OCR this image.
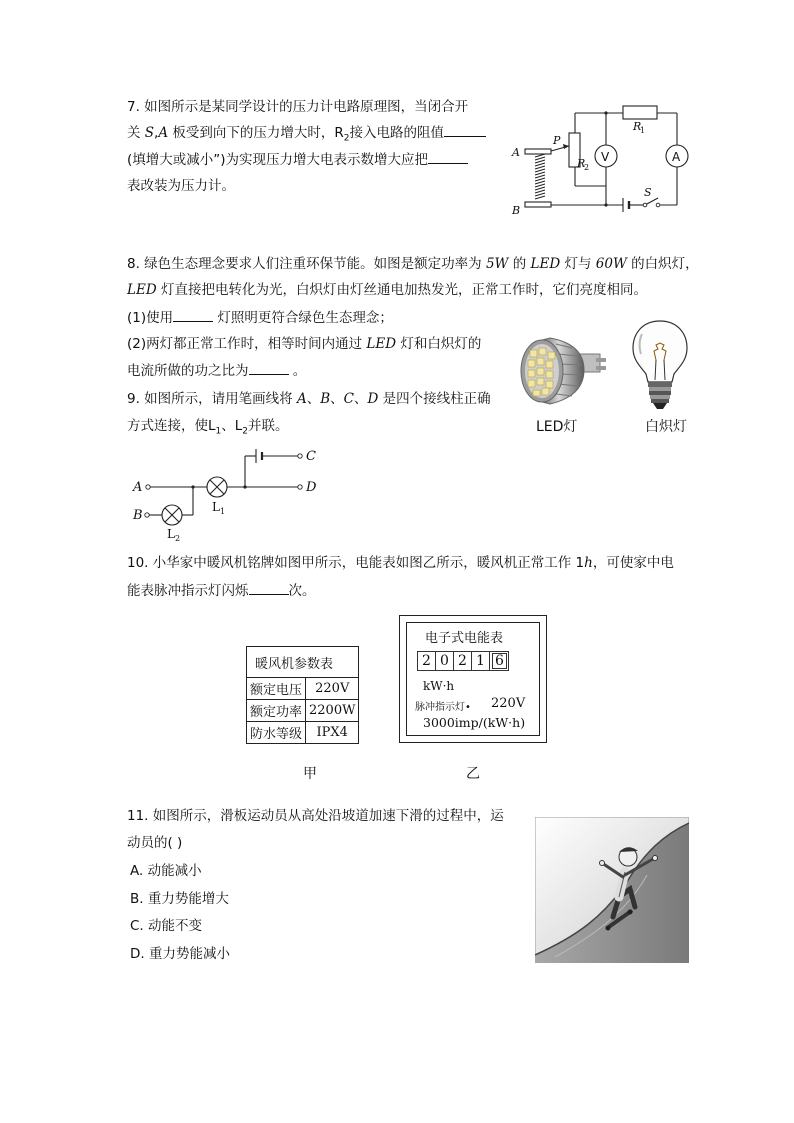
7. 如图所示是某同学设计的压力计电路原理图，当闭合开
关 S,A 板受到向下的压力增大时，$R_2$接入电路的阻值
(填增大或减小”)为实现压力增大电表示数增大应把
表改装为压力计。
A
B
P
R
1
R
2
S
V	A
8. 绿色生态理念要求人们注重环保节能。如图是额定功率为 5W 的 LED 灯与 60W 的白炽灯，
LED 灯直接把电转化为光，白炽灯由灯丝通电加热发光，正常工作时，它们亮度相同。
(1)使用	灯照明更符合绿色生态理念；
(2)两灯都正常工作时，相等时间内通过 LED 灯和白炽灯的
电流所做的功之比为	。
LED灯	白炽灯
9. 如图所示，请用笔画线将 A、B、C、D 是四个接线柱正确
方式连接，使$L_1$、$L_2$并联。
A
B
C
D
L 1
L 2
10. 小华家中暖风机铭牌如图甲所示，电能表如图乙所示，暖风机正常工作 1h，可使家中电
能表脉冲指示灯闪烁	次。
暖风机参数表	
额定电压	220V
额定功率	2200W
防水等级	IPX4
电子式电能表
2 0 2 1 6
kW·h
脉冲指示灯• 220V
3000imp/(kW·h)
甲	乙
11. 如图所示，滑板运动员从高处沿坡道加速下滑的过程中，运
动员的( )
A. 动能减小
B. 重力势能增大
C. 动能不变
D. 重力势能减小
